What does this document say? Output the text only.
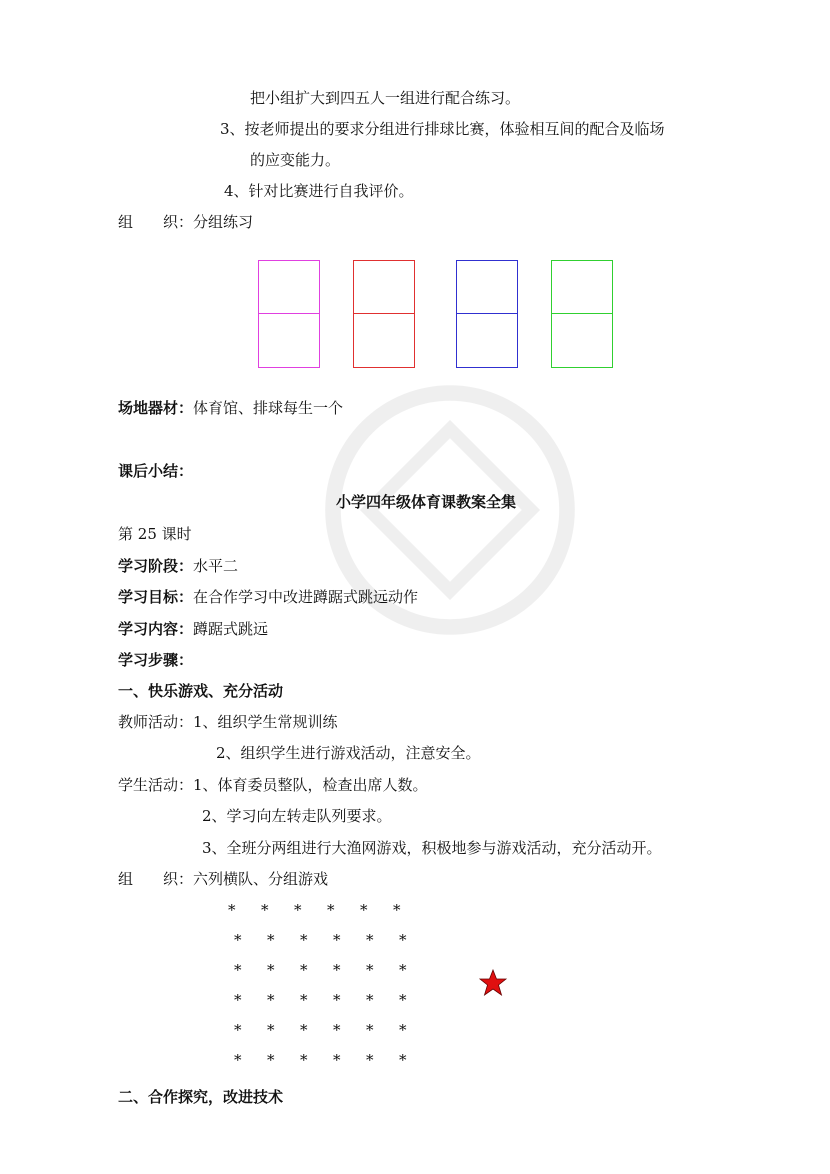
把小组扩大到四五人一组进行配合练习。
3、按老师提出的要求分组进行排球比赛，体验相互间的配合及临场
的应变能力。
4、针对比赛进行自我评价。
组　　织：分组练习
场地器材：体育馆、排球每生一个
课后小结：
小学四年级体育课教案全集
第 25 课时
学习阶段：水平二
学习目标：在合作学习中改进蹲踞式跳远动作
学习内容：蹲踞式跳远
学习步骤：
一、快乐游戏、充分活动
教师活动：1、组织学生常规训练
2、组织学生进行游戏活动，注意安全。
学生活动：1、体育委员整队，检查出席人数。
2、学习向左转走队列要求。
3、全班分两组进行大渔网游戏，积极地参与游戏活动，充分活动开。
组　　织：六列横队、分组游戏
* * * * * *
* * * * * *
* * * * * *
* * * * * *
* * * * * *
* * * * * *
二、合作探究，改进技术
